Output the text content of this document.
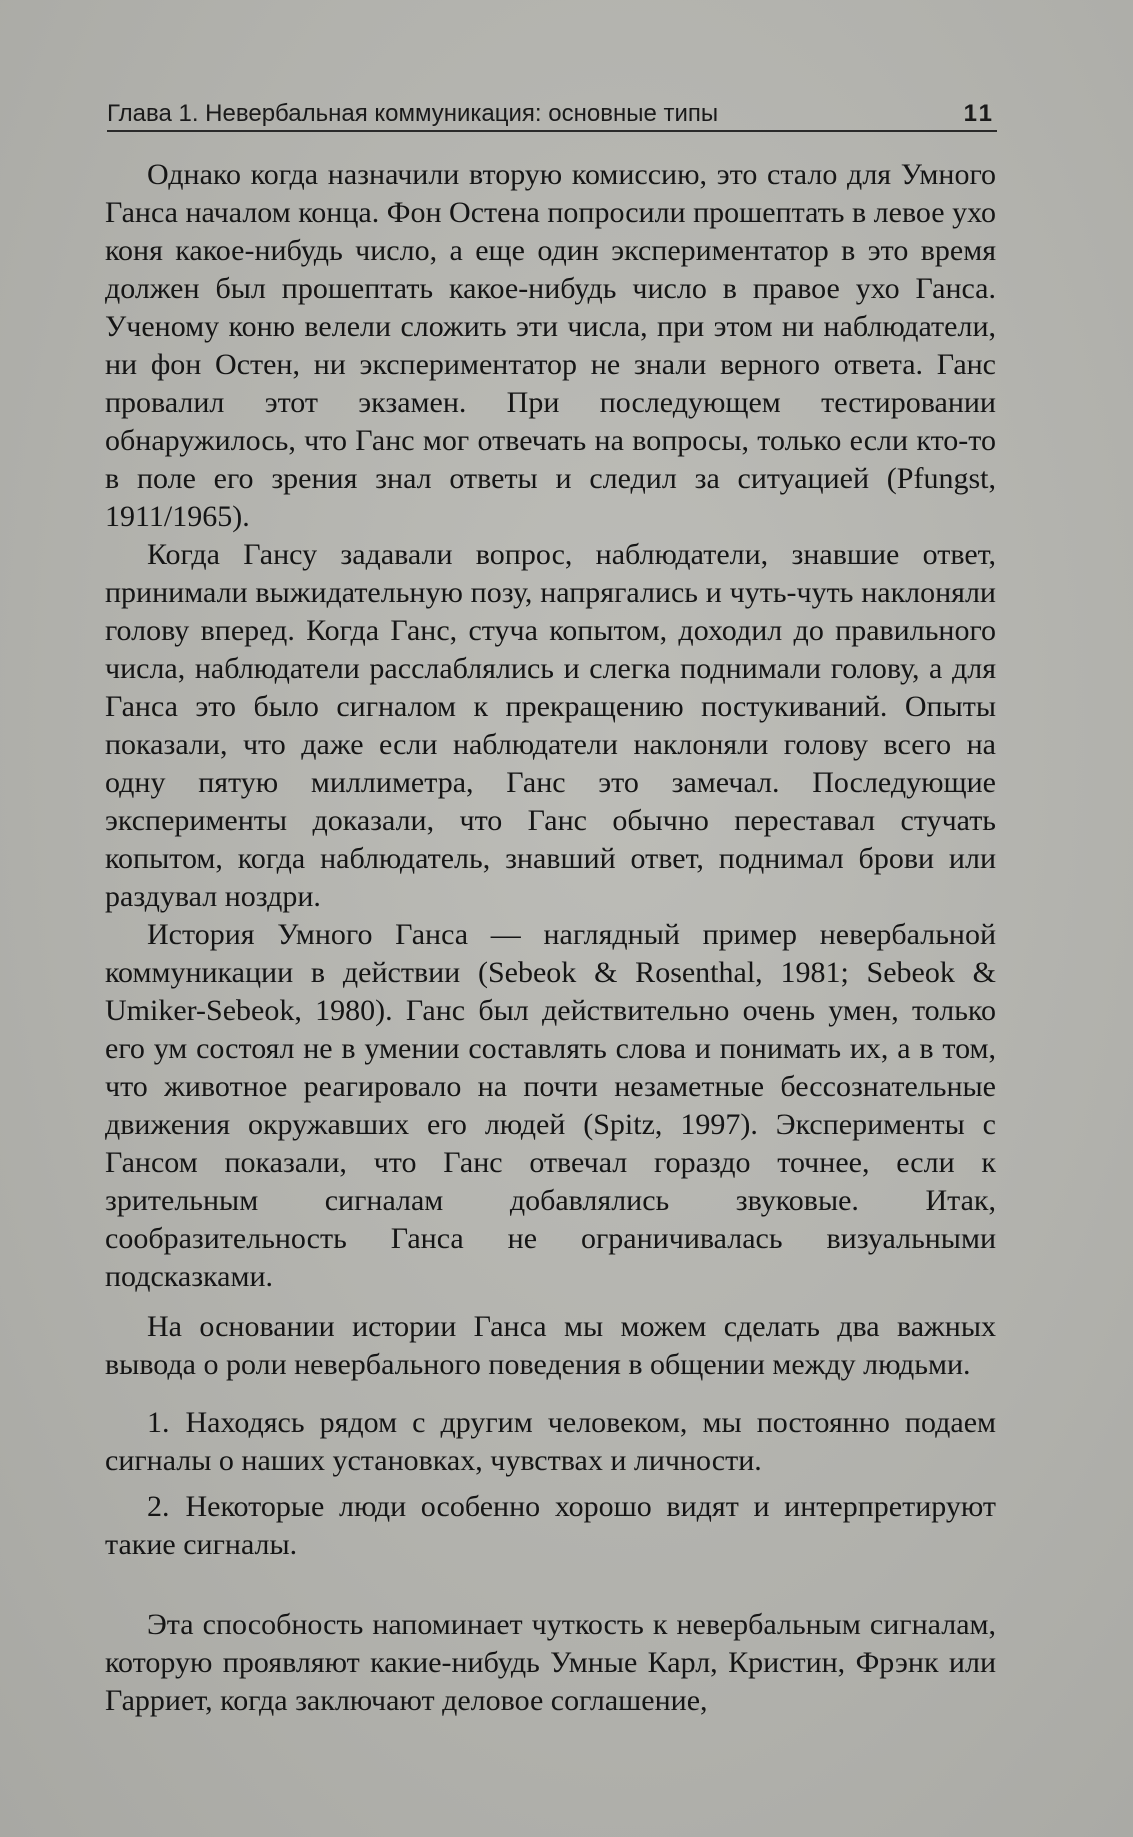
Глава 1. Невербальная коммуникация: основные типы	11

Однако когда назначили вторую комиссию, это стало для Умного Ганса началом конца. Фон Остена попросили прошептать в левое ухо коня какое-нибудь число, а еще один экспериментатор в это время должен был прошептать какое-нибудь число в правое ухо Ганса. Ученому коню велели сложить эти числа, при этом ни наблюдатели, ни фон Остен, ни экспериментатор не знали верного ответа. Ганс провалил этот экзамен. При последующем тестировании обнаружилось, что Ганс мог отвечать на вопросы, только если кто-то в поле его зрения знал ответы и следил за ситуацией (Pfungst, 1911/1965).

Когда Гансу задавали вопрос, наблюдатели, знавшие ответ, принимали выжидательную позу, напрягались и чуть-чуть наклоняли голову вперед. Когда Ганс, стуча копытом, доходил до правильного числа, наблюдатели расслаблялись и слегка поднимали голову, а для Ганса это было сигналом к прекращению постукиваний. Опыты показали, что даже если наблюдатели наклоняли голову всего на одну пятую миллиметра, Ганс это замечал. Последующие эксперименты доказали, что Ганс обычно переставал стучать копытом, когда наблюдатель, знавший ответ, поднимал брови или раздувал ноздри.

История Умного Ганса — наглядный пример невербальной коммуникации в действии (Sebeok & Rosenthal, 1981; Sebeok & Umiker-Sebeok, 1980). Ганс был действительно очень умен, только его ум состоял не в умении составлять слова и понимать их, а в том, что животное реагировало на почти незаметные бессознательные движения окружавших его людей (Spitz, 1997). Эксперименты с Гансом показали, что Ганс отвечал гораздо точнее, если к зрительным сигналам добавлялись звуковые. Итак, сообразительность Ганса не ограничивалась визуальными подсказками.

На основании истории Ганса мы можем сделать два важных вывода о роли невербального поведения в общении между людьми.

1. Находясь рядом с другим человеком, мы постоянно подаем сигналы о наших установках, чувствах и личности.
2. Некоторые люди особенно хорошо видят и интерпретируют такие сигналы.

Эта способность напоминает чуткость к невербальным сигналам, которую проявляют какие-нибудь Умные Карл, Кристин, Фрэнк или Гарриет, когда заключают деловое соглашение,
